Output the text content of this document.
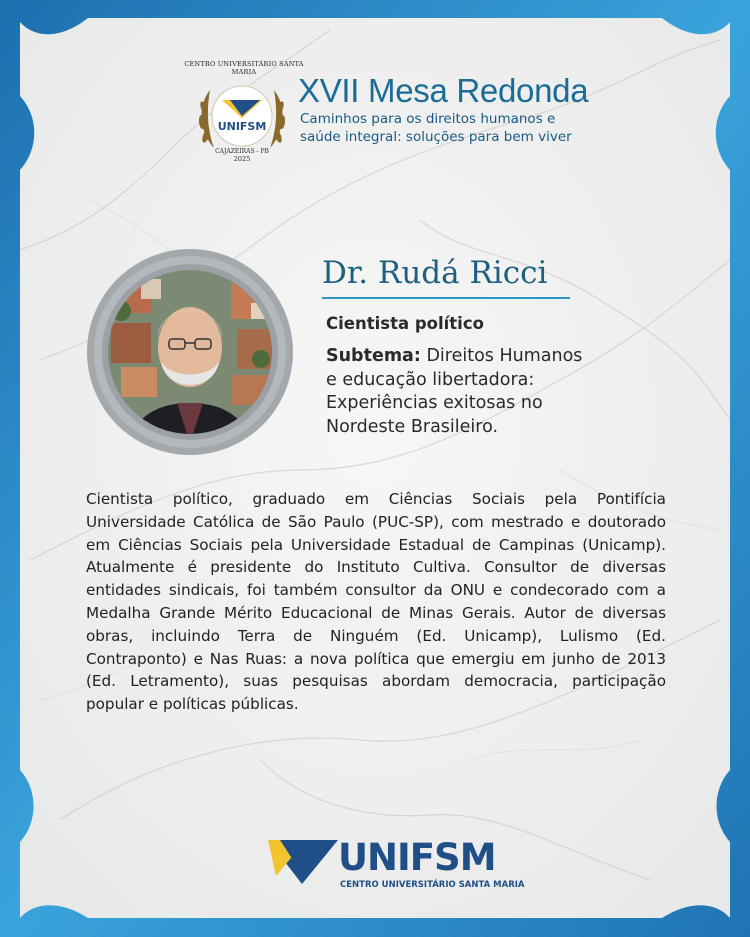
UNIFSM
CAJAZEIRAS - PB
2025
CENTRO UNIVERSITÁRIO SANTA MARIA	XVII Mesa Redonda
Caminhos para os direitos humanos e
saúde integral: soluções para bem viver
Dr. Rudá Ricci
Cientista político
Subtema: Direitos Humanos
e educação libertadora:
Experiências exitosas no
Nordeste Brasileiro.
Cientista político, graduado em Ciências Sociais pela Pontifícia Universidade Católica de São Paulo (PUC-SP), com mestrado e doutorado em Ciências Sociais pela Universidade Estadual de Campinas (Unicamp). Atualmente é presidente do Instituto Cultiva. Consultor de diversas entidades sindicais, foi também consultor da ONU e condecorado com a Medalha Grande Mérito Educacional de Minas Gerais. Autor de diversas obras, incluindo Terra de Ninguém (Ed. Unicamp), Lulismo (Ed. Contraponto) e Nas Ruas: a nova política que emergiu em junho de 2013 (Ed. Letramento), suas pesquisas abordam democracia, participação popular e políticas públicas.
UNIFSM
CENTRO UNIVERSITÁRIO SANTA MARIA
